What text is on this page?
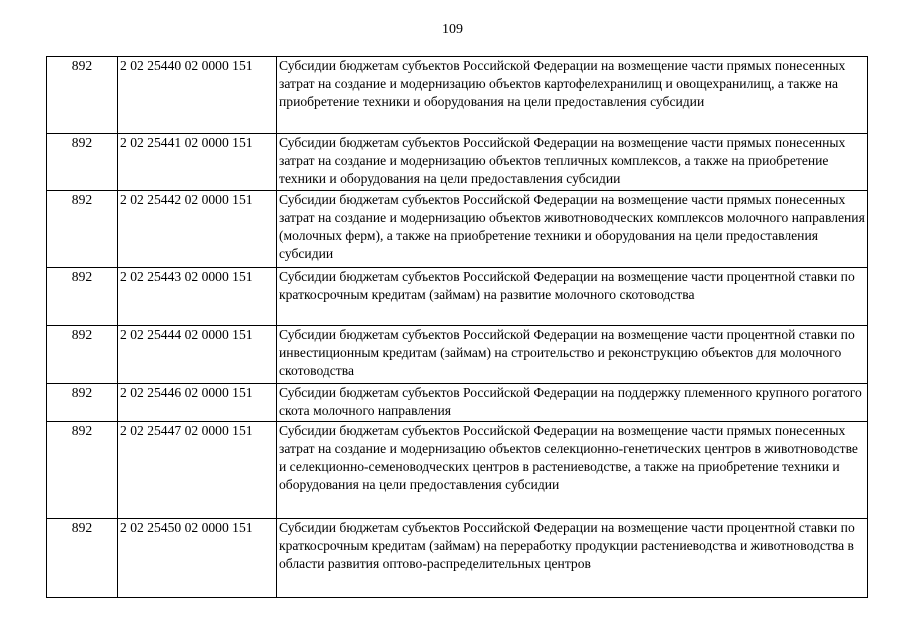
109
892	2 02 25440 02 0000 151	Субсидии бюджетам субъектов Российской Федерации на возмещение части прямых понесенных затрат на создание и модернизацию объектов картофелехранилищ и овощехранилищ, а также на приобретение техники и оборудования на цели предоставления субсидии
892	2 02 25441 02 0000 151	Субсидии бюджетам субъектов Российской Федерации на возмещение части прямых понесенных затрат на создание и модернизацию объектов тепличных комплексов, а также на приобретение техники и оборудования на цели предоставления субсидии
892	2 02 25442 02 0000 151	Субсидии бюджетам субъектов Российской Федерации на возмещение части прямых понесенных затрат на создание и модернизацию объектов животноводческих комплексов молочного направления (молочных ферм), а также на приобретение техники и оборудования на цели предоставления субсидии
892	2 02 25443 02 0000 151	Субсидии бюджетам субъектов Российской Федерации на возмещение части процентной ставки по краткосрочным кредитам (займам) на развитие молочного скотоводства
892	2 02 25444 02 0000 151	Субсидии бюджетам субъектов Российской Федерации на возмещение части процентной ставки по инвестиционным кредитам (займам) на строительство и реконструкцию объектов для молочного скотоводства
892	2 02 25446 02 0000 151	Субсидии бюджетам субъектов Российской Федерации на поддержку племенного крупного рогатого скота молочного направления
892	2 02 25447 02 0000 151	Субсидии бюджетам субъектов Российской Федерации на возмещение части прямых понесенных затрат на создание и модернизацию объектов селекционно-генетических центров в животноводстве и селекционно-семеноводческих центров в растениеводстве, а также на приобретение техники и оборудования на цели предоставления субсидии
892	2 02 25450 02 0000 151	Субсидии бюджетам субъектов Российской Федерации на возмещение части процентной ставки по краткосрочным кредитам (займам) на переработку продукции растениеводства и животноводства в области развития оптово-распределительных центров
